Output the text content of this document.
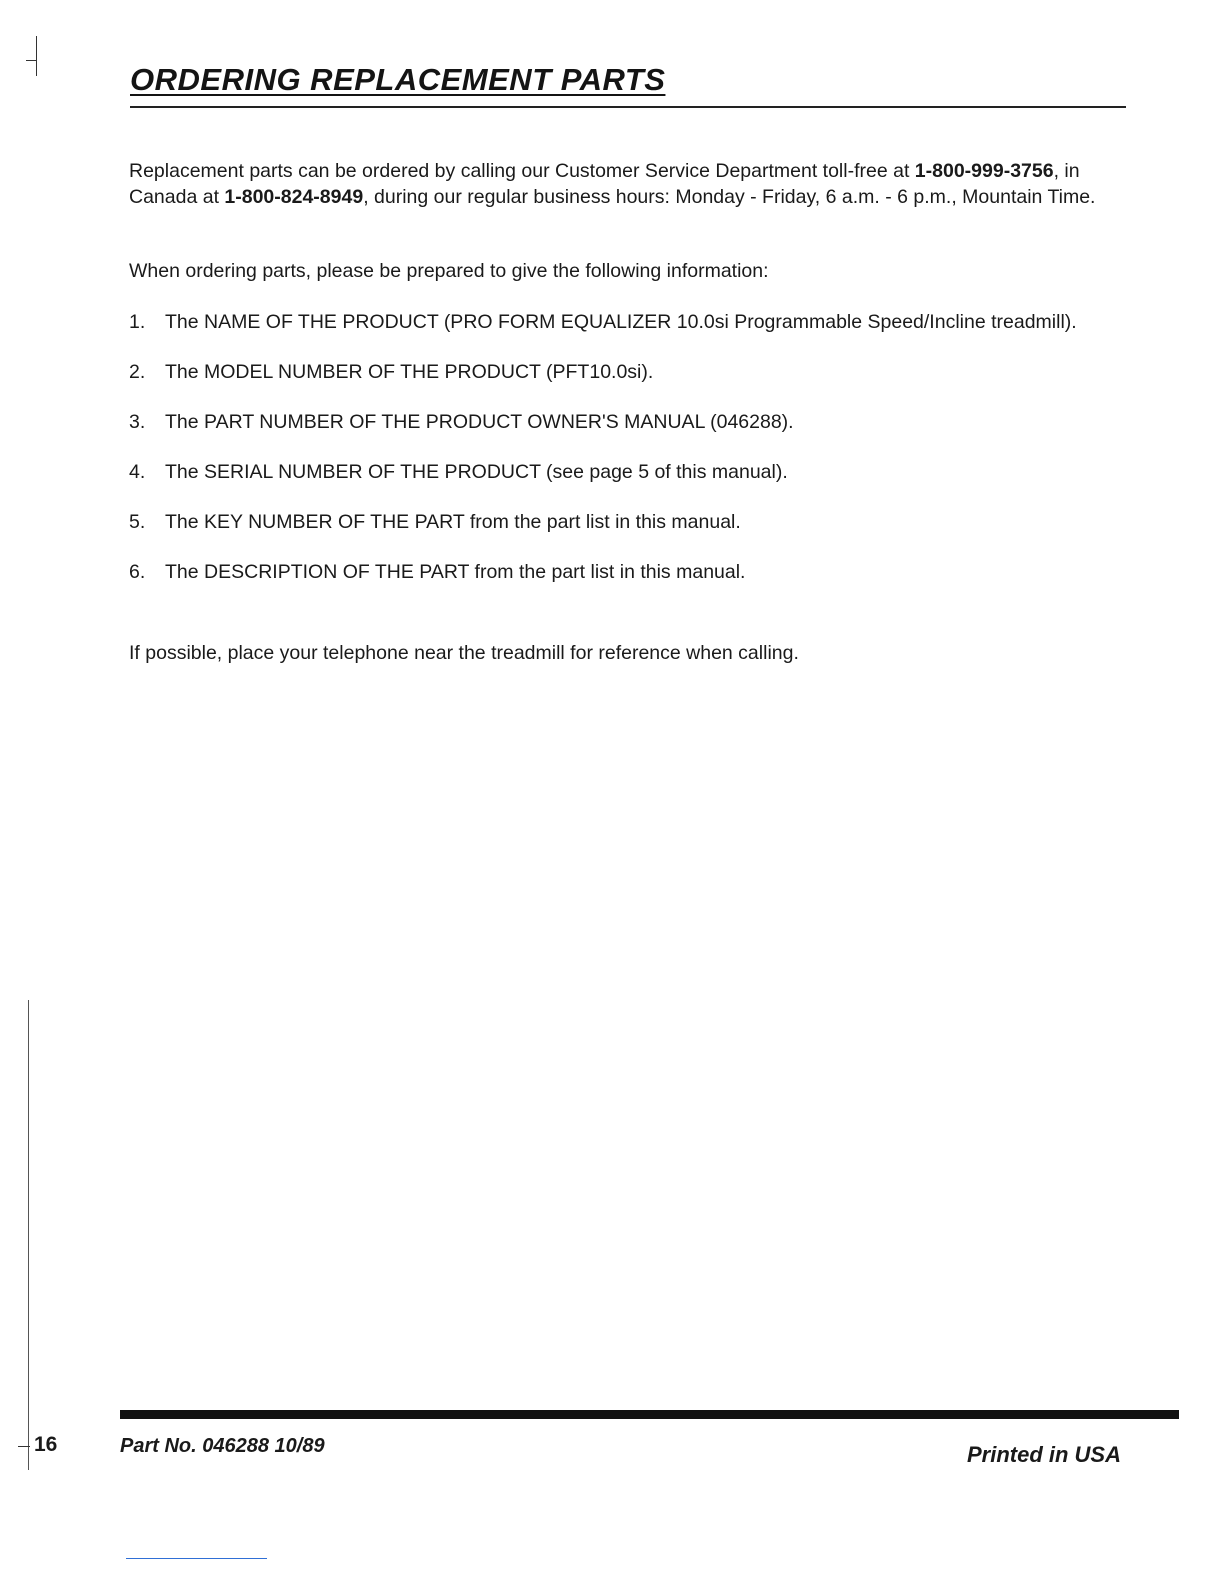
ORDERING REPLACEMENT PARTS

Replacement parts can be ordered by calling our Customer Service Department toll-free at 1-800-999-3756, in Canada at 1-800-824-8949, during our regular business hours: Monday - Friday, 6 a.m. - 6 p.m., Mountain Time.

When ordering parts, please be prepared to give the following information:

1.	The NAME OF THE PRODUCT (PRO FORM EQUALIZER 10.0si Programmable Speed/Incline treadmill).
2.	The MODEL NUMBER OF THE PRODUCT (PFT10.0si).
3.	The PART NUMBER OF THE PRODUCT OWNER'S MANUAL (046288).
4.	The SERIAL NUMBER OF THE PRODUCT (see page 5 of this manual).
5.	The KEY NUMBER OF THE PART from the part list in this manual.
6.	The DESCRIPTION OF THE PART from the part list in this manual.

If possible, place your telephone near the treadmill for reference when calling.

16	Part No. 046288 10/89	Printed in USA
